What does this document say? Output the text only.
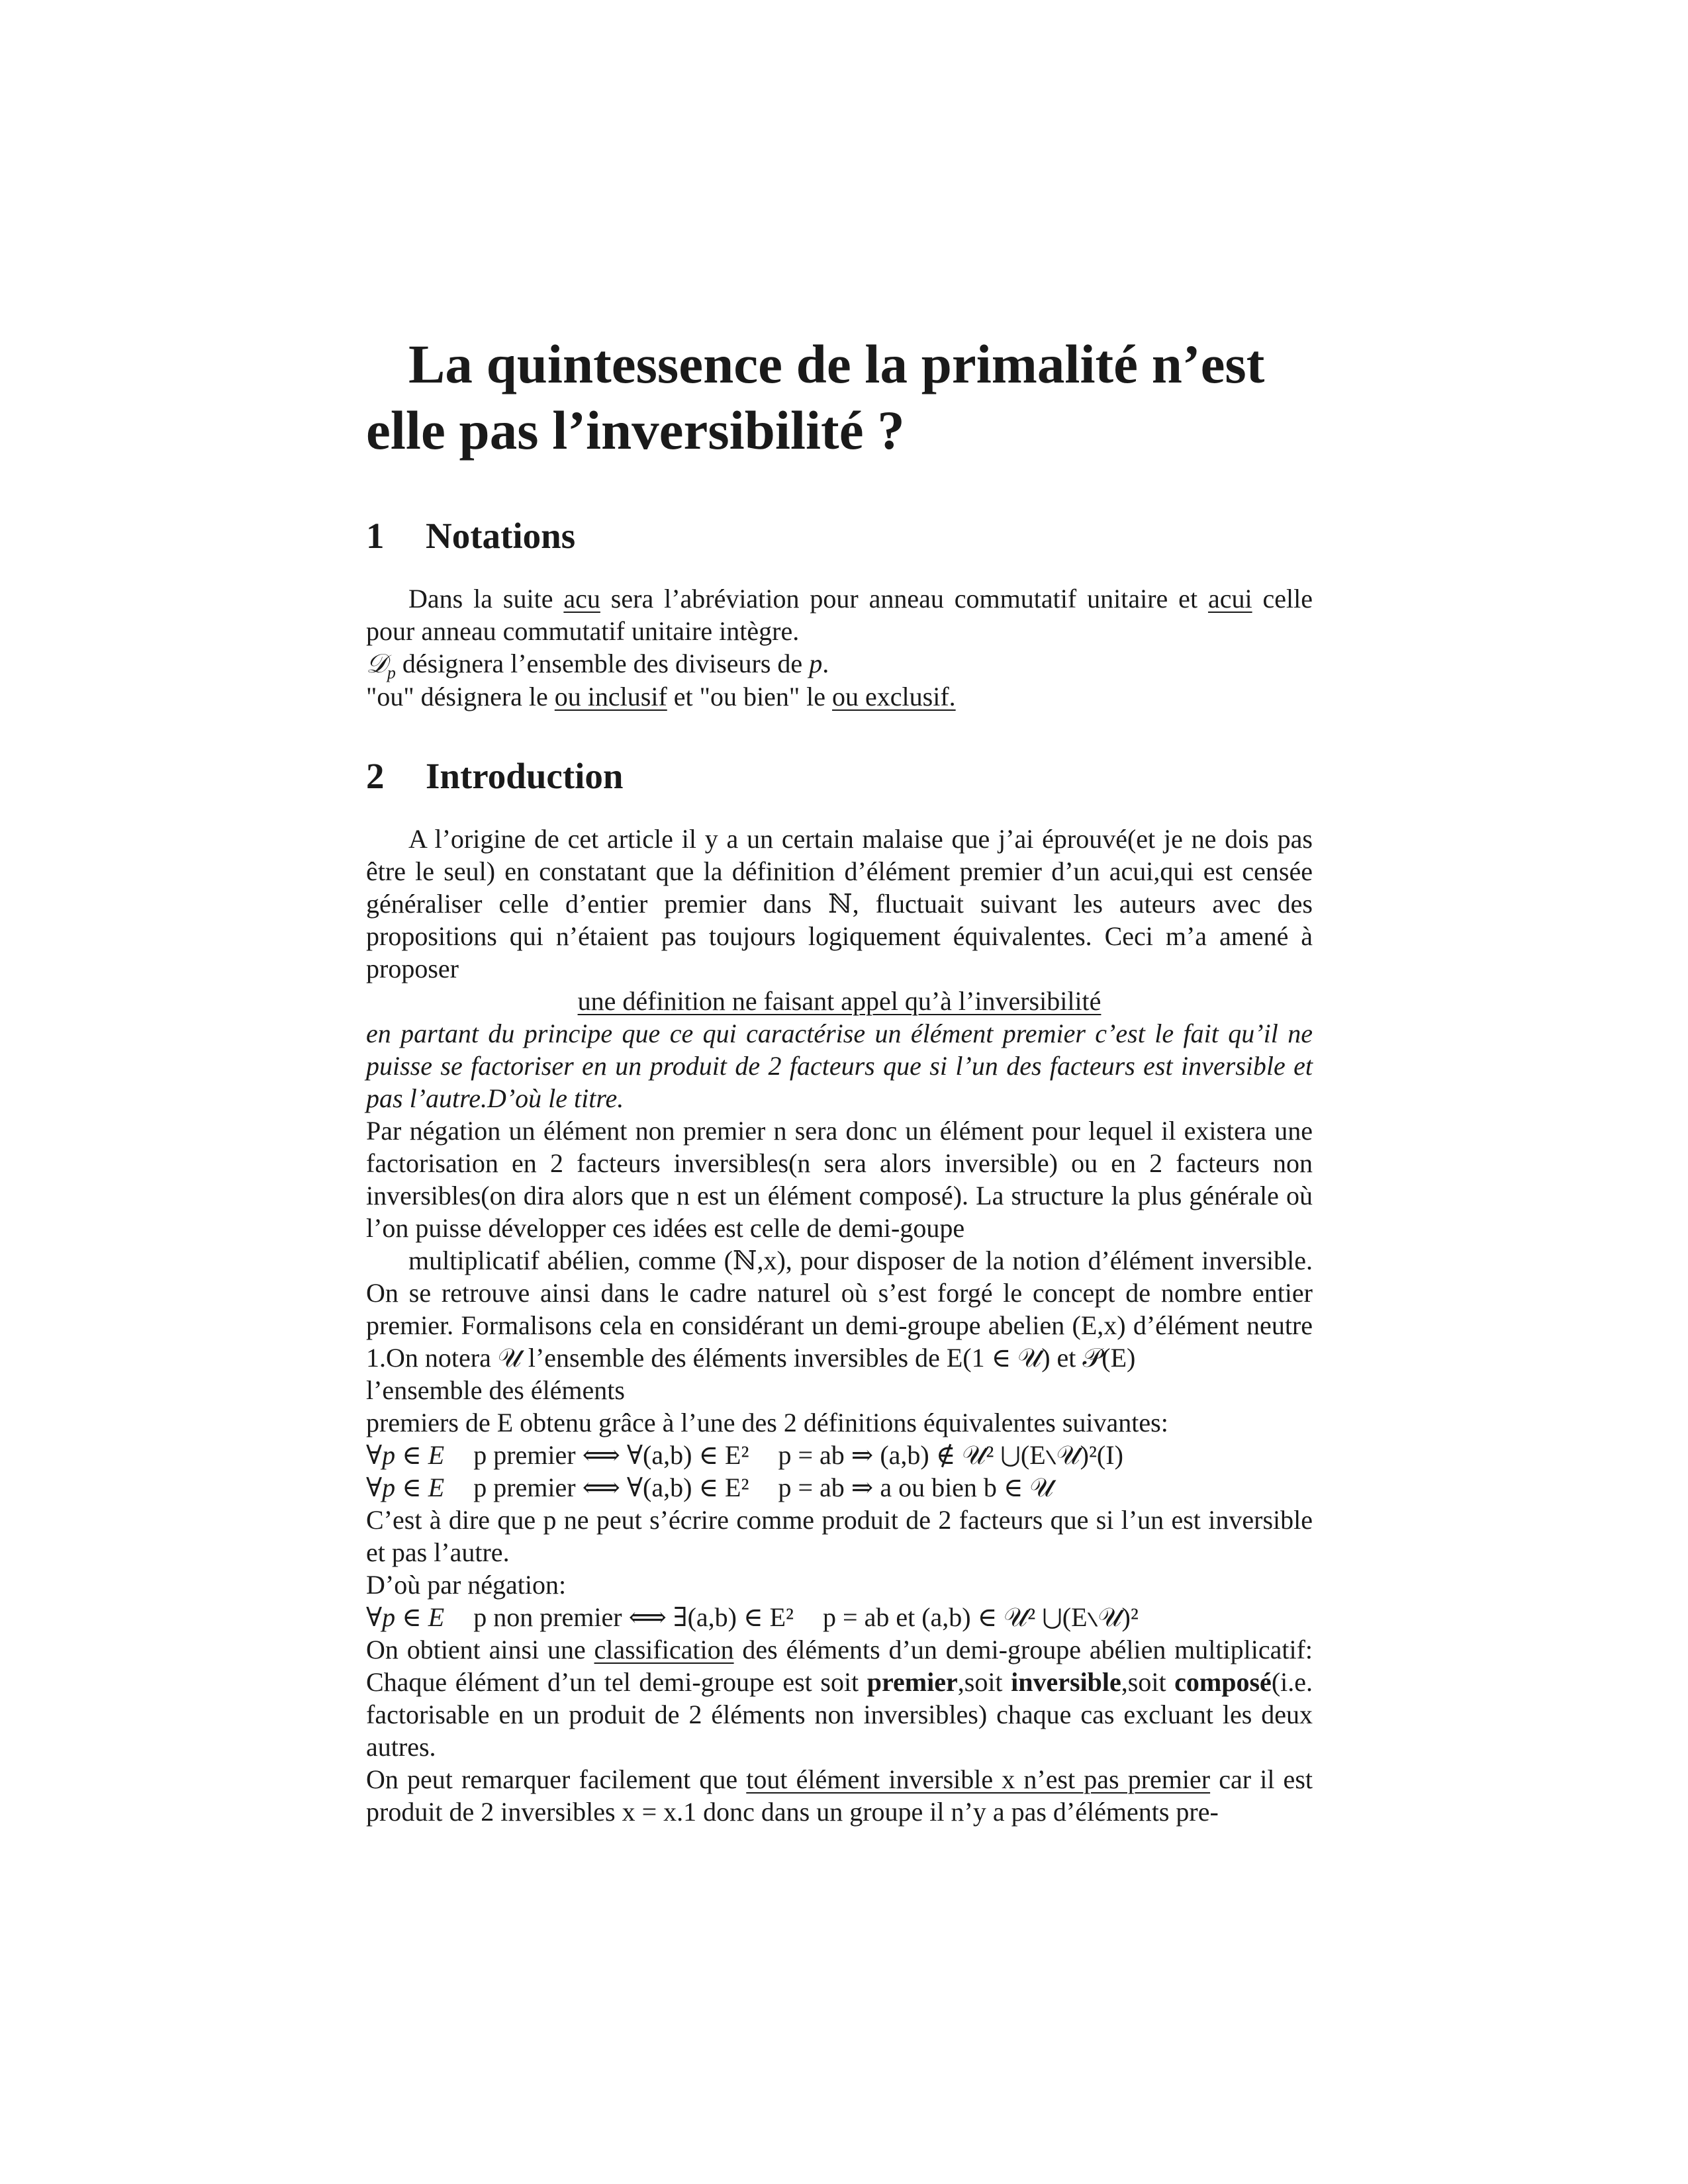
La quintessence de la primalité n’est
elle pas l’inversibilité ?
1 Notations

Dans la suite acu sera l’abréviation pour anneau commutatif unitaire et acui celle pour anneau commutatif unitaire intègre.

𝒟$_p$ désignera l’ensemble des diviseurs de p.

"ou" désignera le ou inclusif et "ou bien" le ou exclusif.

2 Introduction

A l’origine de cet article il y a un certain malaise que j’ai éprouvé(et je ne dois pas être le seul) en constatant que la définition d’élément premier d’un acui,qui est censée généraliser celle d’entier premier dans ℕ, fluctuait suivant les auteurs avec des propositions qui n’étaient pas toujours logiquement équivalentes. Ceci m’a amené à proposer

une définition ne faisant appel qu’à l’inversibilité

en partant du principe que ce qui caractérise un élément premier c’est le fait qu’il ne puisse se factoriser en un produit de 2 facteurs que si l’un des facteurs est inversible et pas l’autre.D’où le titre.

Par négation un élément non premier n sera donc un élément pour lequel il existera une factorisation en 2 facteurs inversibles(n sera alors inversible) ou en 2 facteurs non inversibles(on dira alors que n est un élément composé). La structure la plus générale où l’on puisse développer ces idées est celle de demi-goupe

multiplicatif abélien, comme (ℕ,x), pour disposer de la notion d’élément inversible. On se retrouve ainsi dans le cadre naturel où s’est forgé le concept de nombre entier premier. Formalisons cela en considérant un demi-groupe abelien (E,x) d’élément neutre 1.On notera 𝒰 l’ensemble des éléments inversibles de E(1 ∈ 𝒰) et 𝒫(E)

l’ensemble des éléments

premiers de E obtenu grâce à l’une des 2 définitions équivalentes suivantes:

∀p ∈ E p premier ⟺ ∀(a,b) ∈ E² p = ab ⇒ (a,b) ∉ 𝒰² ⋃(E∖𝒰)²(I)
∀p ∈ E p premier ⟺ ∀(a,b) ∈ E² p = ab ⇒ a ou bien b ∈ 𝒰

C’est à dire que p ne peut s’écrire comme produit de 2 facteurs que si l’un est inversible et pas l’autre.

D’où par négation:

∀p ∈ E p non premier ⟺ ∃(a,b) ∈ E² p = ab et (a,b) ∈ 𝒰² ⋃(E∖𝒰)²

On obtient ainsi une classification des éléments d’un demi-groupe abélien multiplicatif: Chaque élément d’un tel demi-groupe est soit premier,soit inversible,soit composé(i.e. factorisable en un produit de 2 éléments non inversibles) chaque cas excluant les deux autres.

On peut remarquer facilement que tout élément inversible x n’est pas premier car il est produit de 2 inversibles x = x.1 donc dans un groupe il n’y a pas d’éléments pre-
